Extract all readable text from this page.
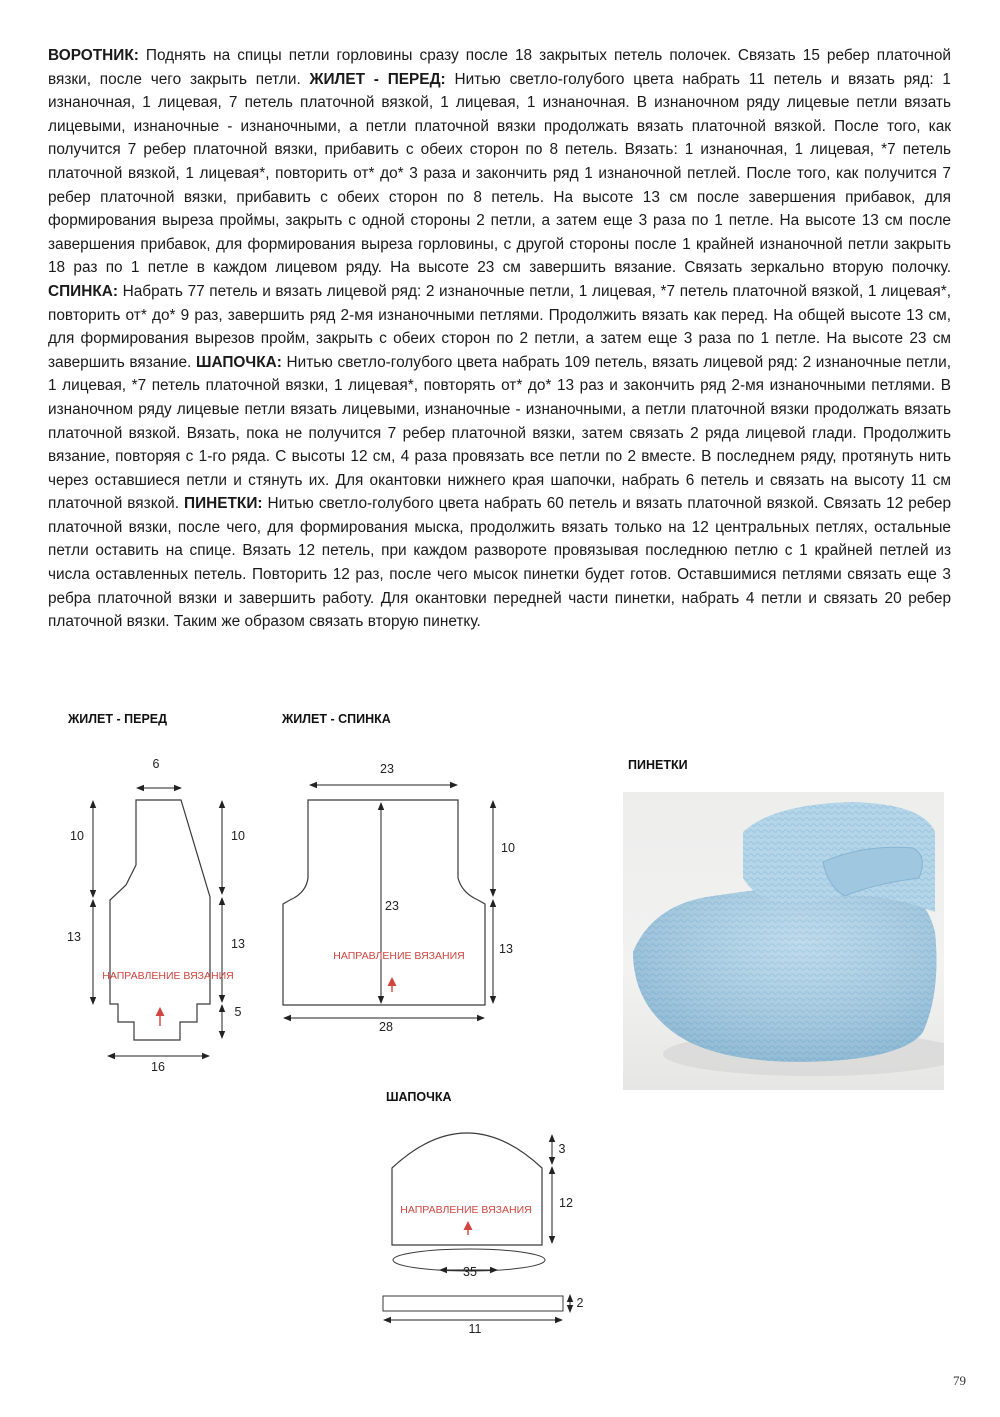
ВОРОТНИК: Поднять на спицы петли горловины сразу после 18 закрытых петель полочек. Связать 15 ребер платочной вязки, после чего закрыть петли. ЖИЛЕТ - ПЕРЕД: Нитью светло-голубого цвета набрать 11 петель и вязать ряд: 1 изнаночная, 1 лицевая, 7 петель платочной вязкой, 1 лицевая, 1 изнаночная. В изнаночном ряду лицевые петли вязать лицевыми, изнаночные - изнаночными, а петли платочной вязки продолжать вязать платочной вязкой. После того, как получится 7 ребер платочной вязки, прибавить с обеих сторон по 8 петель. Вязать: 1 изнаночная, 1 лицевая, *7 петель платочной вязкой, 1 лицевая*, повторить от* до* 3 раза и закончить ряд 1 изнаночной петлей. После того, как получится 7 ребер платочной вязки, прибавить с обеих сторон по 8 петель. На высоте 13 см после завершения прибавок, для формирования выреза проймы, закрыть с одной стороны 2 петли, а затем еще 3 раза по 1 петле. На высоте 13 см после завершения прибавок, для формирования выреза горловины, с другой стороны после 1 крайней изнаночной петли закрыть 18 раз по 1 петле в каждом лицевом ряду. На высоте 23 см завершить вязание. Связать зеркально вторую полочку. СПИНКА: Набрать 77 петель и вязать лицевой ряд: 2 изнаночные петли, 1 лицевая, *7 петель платочной вязкой, 1 лицевая*, повторить от* до* 9 раз, завершить ряд 2-мя изнаночными петлями. Продолжить вязать как перед. На общей высоте 13 см, для формирования вырезов пройм, закрыть с обеих сторон по 2 петли, а затем еще 3 раза по 1 петле. На высоте 23 см завершить вязание. ШАПОЧКА: Нитью светло-голубого цвета набрать 109 петель, вязать лицевой ряд: 2 изнаночные петли, 1 лицевая, *7 петель платочной вязки, 1 лицевая*, повторять от* до* 13 раз и закончить ряд 2-мя изнаночными петлями. В изнаночном ряду лицевые петли вязать лицевыми, изнаночные - изнаночными, а петли платочной вязки продолжать вязать платочной вязкой. Вязать, пока не получится 7 ребер платочной вязки, затем связать 2 ряда лицевой глади. Продолжить вязание, повторяя с 1-го ряда. С высоты 12 см, 4 раза провязать все петли по 2 вместе. В последнем ряду, протянуть нить через оставшиеся петли и стянуть их. Для окантовки нижнего края шапочки, набрать 6 петель и связать на высоту 11 см платочной вязкой. ПИНЕТКИ: Нитью светло-голубого цвета набрать 60 петель и вязать платочной вязкой. Связать 12 ребер платочной вязки, после чего, для формирования мыска, продолжить вязать только на 12 центральных петлях, остальные петли оставить на спице. Вязать 12 петель, при каждом развороте провязывая последнюю петлю с 1 крайней петлей из числа оставленных петель. Повторить 12 раз, после чего мысок пинетки будет готов. Оставшимися петлями связать еще 3 ребра платочной вязки и завершить работу. Для окантовки передней части пинетки, набрать 4 петли и связать 20 ребер платочной вязки. Таким же образом связать вторую пинетку.
ЖИЛЕТ - ПЕРЕД	ЖИЛЕТ - СПИНКА
ПИНЕТКИ
ШАПОЧКА
6
10
13
10
13
5
16
НАПРАВЛЕНИЕ ВЯЗАНИЯ
23
23
10
13
28
НАПРАВЛЕНИЕ ВЯЗАНИЯ
3
12
НАПРАВЛЕНИЕ ВЯЗАНИЯ
35
2
11
79
